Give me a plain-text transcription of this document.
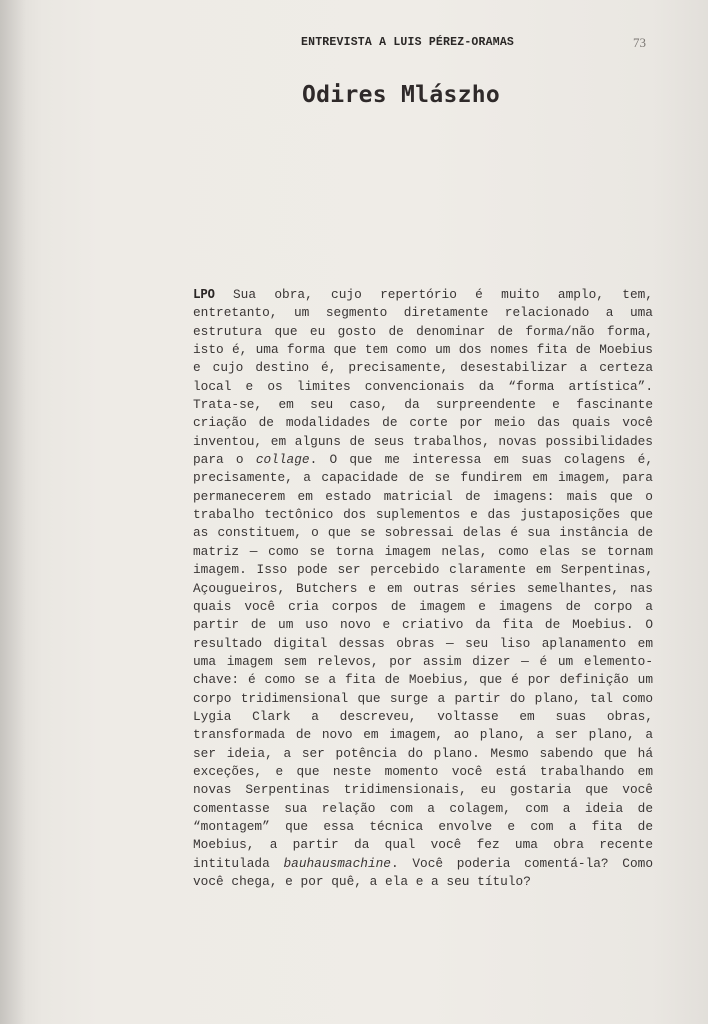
ENTREVISTA A LUIS PÉREZ-ORAMAS	73
Odires Mlászho

LPO Sua obra, cujo repertório é muito amplo, tem, entretanto, um segmento diretamente relacionado a uma estrutura que eu gosto de denominar de forma/não forma, isto é, uma forma que tem como um dos nomes fita de Moebius e cujo destino é, precisamente, desestabilizar a certeza local e os limites convencionais da “forma artística”. Trata-se, em seu caso, da surpreendente e fascinante criação de modalidades de corte por meio das quais você inventou, em alguns de seus trabalhos, novas possibilidades para o collage. O que me interessa em suas colagens é, precisamente, a capacidade de se fundirem em imagem, para permanecerem em estado matricial de imagens: mais que o trabalho tectônico dos suplementos e das justaposições que as constituem, o que se sobressai delas é sua instância de matriz — como se torna imagem nelas, como elas se tornam imagem. Isso pode ser percebido claramente em Serpentinas, Açougueiros, Butchers e em outras séries semelhantes, nas quais você cria corpos de imagem e imagens de corpo a partir de um uso novo e criativo da fita de Moebius. O resultado digital dessas obras — seu liso aplanamento em uma imagem sem relevos, por assim dizer — é um elemento-chave: é como se a fita de Moebius, que é por definição um corpo tridimensional que surge a partir do plano, tal como Lygia Clark a descreveu, voltasse em suas obras, transformada de novo em imagem, ao plano, a ser plano, a ser ideia, a ser potência do plano. Mesmo sabendo que há exceções, e que neste momento você está trabalhando em novas Serpentinas tridimensionais, eu gostaria que você comentasse sua relação com a colagem, com a ideia de “montagem” que essa técnica envolve e com a fita de Moebius, a partir da qual você fez uma obra recente intitulada bauhausmachine. Você poderia comentá-la? Como você chega, e por quê, a ela e a seu título?
